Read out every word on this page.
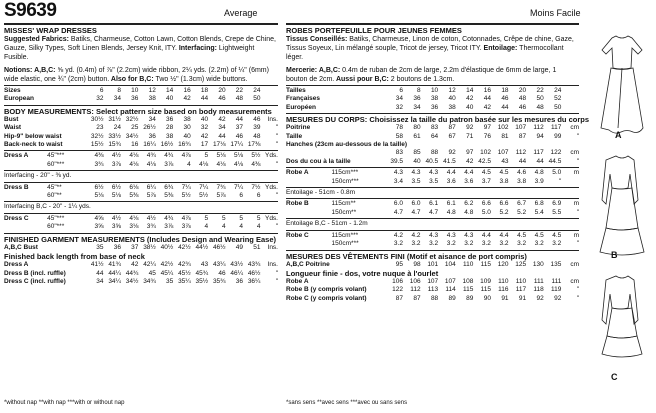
S9639	Average	Moins Facile
MISSES' WRAP DRESSES
Suggested Fabrics: Batiks, Charmeuse, Cotton Lawn, Cotton Blends, Crepe de Chine, Gauze, Silky Types, Soft Linen Blends, Jersey Knit, ITY. Interfacing: Lightweight Fusible.
Notions: A,B,C: ⅝ yd. (0.4m) of ⅞" (2.2cm) wide ribbon, 2¼ yds. (2.2m) of ¼" (6mm) wide elastic, one ¾" (2cm) button. Also for B,C: Two ½" (1.3cm) wide buttons.
Sizes	6	8	10	12	14	16	18	20	22	24	
European	32	34	36	38	40	42	44	46	48	50	
BODY MEASUREMENTS: Select pattern size based on body measurements
Bust	30½	31½	32½	34	36	38	40	42	44	46	Ins.
Waist	23	24	25	26½	28	30	32	34	37	39	"
Hip-9" below waist	32½	33½	34½	36	38	40	42	44	46	48	"
Back-neck to waist	15½	15¾	16	16¼	16½	16¾	17	17⅛	17¼	17⅜	"
Dress A	45"***	4⅜	4½	4⅛	4¾	4¾	4⅞	5	5⅛	5⅛	5½	Yds.
	60"***	3¾	3⅞	4⅛	4⅛	3⅞	4	4⅛	4⅛	4⅛	4⅜	"
Interfacing - 20" - ⅜ yd.
Dress B	45"**	6½	6½	6⅛	6¼	6¾	7¼	7¼	7¾	7¼	7½	Yds.
	60"**	5⅛	5⅛	5⅜	5⅞	5⅜	5½	5½	5⅞	6	6	"
Interfacing B,C - 20" - 1¼ yds.
Dress C	45"***	4⅝	4½	4⅛	4½	4¾	4⅞	5	5	5	5	Yds.
	60"***	3⅝	3⅝	3⅛	3¾	3⅞	3⅞	4	4	4	4	"
FINISHED GARMENT MEASUREMENTS (Includes Design and Wearing Ease)
A,B,C Bust	35	36	37	38½	40½	42½	44½	46½	49	51	Ins.
Finished back length from base of neck
Dress A	41½	41¾	42	42¼	42½	42¾	43	43¼	43½	43¾	Ins.
Dress B (incl. ruffle)	44	44¼	44¾	45	45¼	45½	45¾	46	46¼	46½	"
Dress C (incl. ruffle)	34	34¼	34½	34¾	35	35¼	35½	35¾	36	36¼	"
ROBES PORTEFEUILLE POUR JEUNES FEMMES
Tissus Conseillés: Batiks, Charmeuse, Linon de coton, Cotonnades, Crêpe de chine, Gaze, Tissus Soyeux, Lin mélangé souple, Tricot de jersey, Tricot ITY. Entoilage: Thermocollant léger.
Mercerie: A,B,C: 0.4m de ruban de 2cm de large, 2.2m d'élastique de 6mm de large, 1 bouton de 2cm. Aussi pour B,C: 2 boutons de 1.3cm.
Tailles	6	8	10	12	14	16	18	20	22	24	
Françaises	34	36	38	40	42	44	46	48	50	52	
Européen	32	34	36	38	40	42	44	46	48	50	
MESURES DU CORPS: Choisissez la taille du patron basée sur les mesures du corps
Poitrine	78	80	83	87	92	97	102	107	112	117	cm
Taille	58	61	64	67	71	76	81	87	94	99	"
Hanches (23cm au-dessous de la taille)											
	83	85	88	92	97	102	107	112	117	122	cm
Dos du cou à la taille	39.5	40	40.5	41.5	42	42.5	43	44	44	44.5	"
Robe A	115cm***	4.3	4.3	4.3	4.4	4.4	4.5	4.5	4.6	4.8	5.0	m
	150cm***	3.4	3.5	3.5	3.6	3.6	3.7	3.8	3.8	3.9	"	
Entoilage - 51cm - 0.8m
Robe B	115cm**	6.0	6.0	6.1	6.1	6.2	6.6	6.6	6.7	6.8	6.9	m
	150cm**	4.7	4.7	4.7	4.8	4.8	5.0	5.2	5.2	5.4	5.5	"
Entoilage B,C - 51cm - 1.2m
Robe C	115cm***	4.2	4.2	4.3	4.3	4.3	4.4	4.4	4.5	4.5	4.5	m
	150cm***	3.2	3.2	3.2	3.2	3.2	3.2	3.2	3.2	3.2	3.2	"
MESURES DES VÊTEMENTS FINI (Motif et aisance de port compris)
A,B,C Poitrine	95	98	101	104	110	115	120	125	130	135	cm
Longueur finie - dos, votre nuque à l'ourlet
Robe A	106	106	107	107	108	109	110	110	111	111	cm
Robe B (y compris volant)	122	112	113	114	115	115	116	117	118	119	"
Robe C (y compris volant)	87	87	88	89	89	90	91	91	92	92	"
*without nap **with nap ***with or without nap	*sans sens **avec sens ***avec ou sans sens
A
B
C
